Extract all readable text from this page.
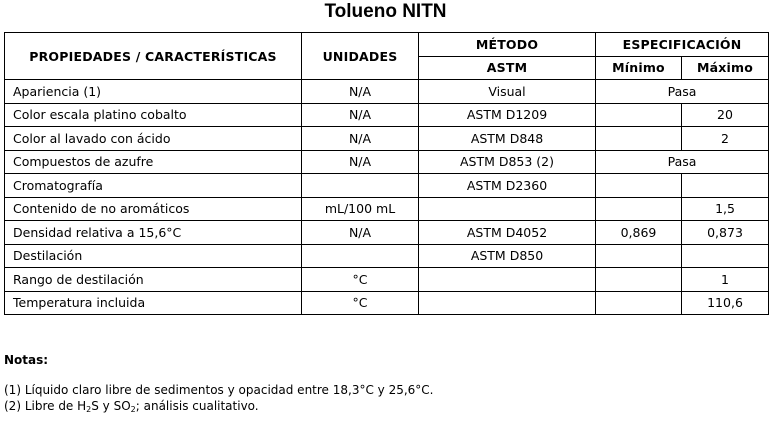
Tolueno NITN
PROPIEDADES / CARACTERÍSTICAS	UNIDADES	MÉTODO	ESPECIFICACIÓN	
		ASTM	Mínimo	Máximo
Apariencia (1)	N/A	Visual	Pasa	
Color escala platino cobalto	N/A	ASTM D1209		20
Color al lavado con ácido	N/A	ASTM D848		2
Compuestos de azufre	N/A	ASTM D853 (2)	Pasa	
Cromatografía		ASTM D2360		
Contenido de no aromáticos	mL/100 mL			1,5
Densidad relativa a 15,6°C	N/A	ASTM D4052	0,869	0,873
Destilación		ASTM D850		
Rango de destilación	°C			1
Temperatura incluida	°C			110,6
Notas:
(1) Líquido claro libre de sedimentos y opacidad entre 18,3°C y 25,6°C.
(2) Libre de $H_2S$ y $SO_2$; análisis cualitativo.
